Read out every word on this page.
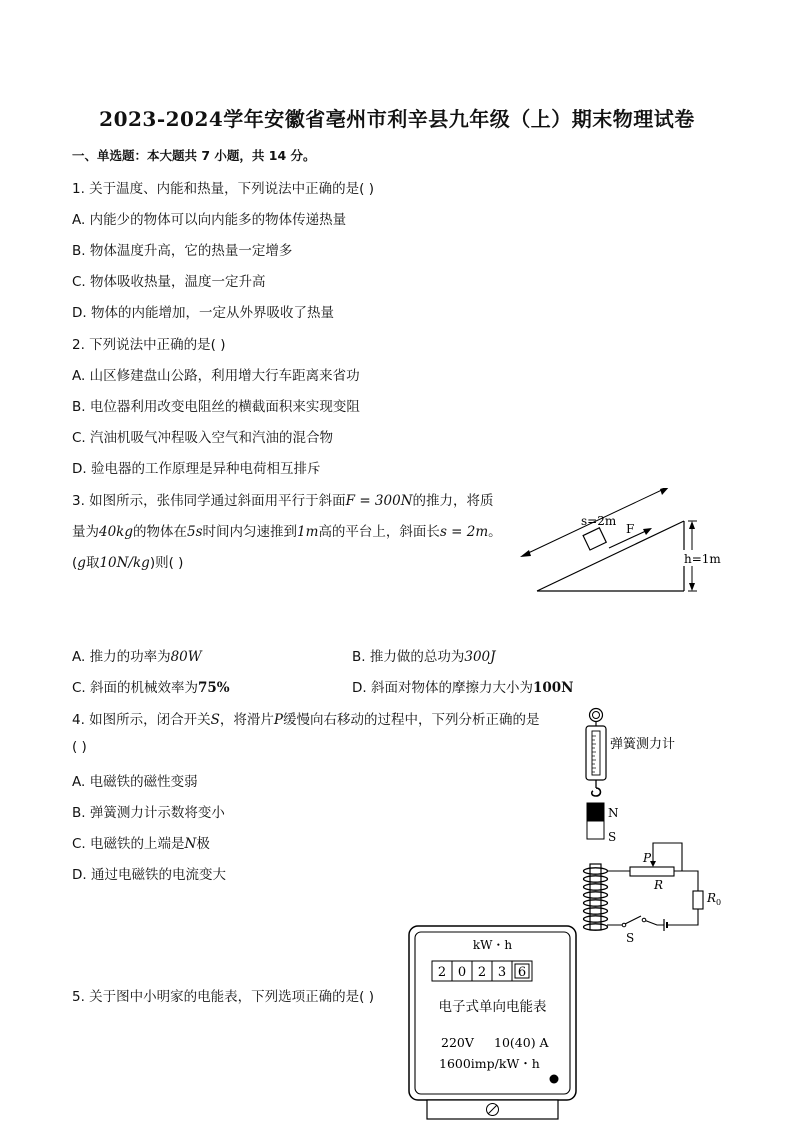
2023-2024学年安徽省亳州市利辛县九年级（上）期末物理试卷
一、单选题：本大题共 7 小题，共 14 分。
1. 关于温度、内能和热量，下列说法中正确的是( )
A. 内能少的物体可以向内能多的物体传递热量
B. 物体温度升高，它的热量一定增多
C. 物体吸收热量，温度一定升高
D. 物体的内能增加，一定从外界吸收了热量
2. 下列说法中正确的是( )
A. 山区修建盘山公路，利用增大行车距离来省功
B. 电位器利用改变电阻丝的横截面积来实现变阻
C. 汽油机吸气冲程吸入空气和汽油的混合物
D. 验电器的工作原理是异种电荷相互排斥
3. 如图所示，张伟同学通过斜面用平行于斜面F = 300N的推力，将质
量为40kg的物体在5s时间内匀速推到1m高的平台上，斜面长s = 2m。
(g取10N/kg)则( )
F
s=2m
h=1m
A. 推力的功率为80W	B. 推力做的总功为300J
C. 斜面的机械效率为75%	D. 斜面对物体的摩擦力大小为100N
4. 如图所示，闭合开关S，将滑片P缓慢向右移动的过程中，下列分析正确的是
( )
A. 电磁铁的磁性变弱
B. 弹簧测力计示数将变小
C. 电磁铁的上端是N极
D. 通过电磁铁的电流变大
弹簧测力计
N
S
P
R
$R_0$
S
5. 关于图中小明家的电能表，下列选项正确的是( )
kW・h
2 0 2 3 6
电子式单向电能表
220V 10(40) A
1600imp/kW・h
